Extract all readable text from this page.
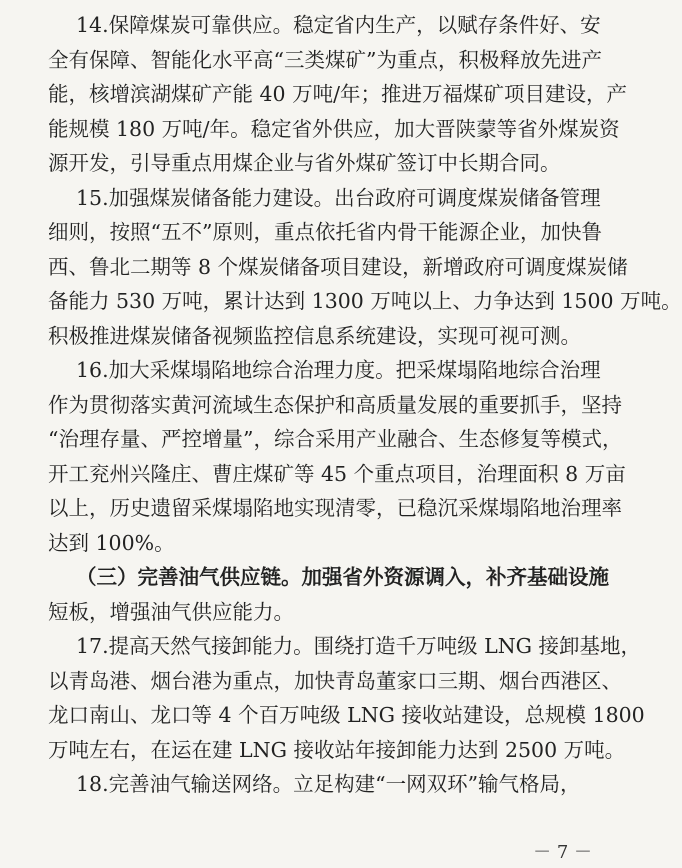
14.保障煤炭可靠供应。稳定省内生产，以赋存条件好、安
全有保障、智能化水平高“三类煤矿”为重点，积极释放先进产
能，核增滨湖煤矿产能 40 万吨/年；推进万福煤矿项目建设，产
能规模 180 万吨/年。稳定省外供应，加大晋陕蒙等省外煤炭资
源开发，引导重点用煤企业与省外煤矿签订中长期合同。
15.加强煤炭储备能力建设。出台政府可调度煤炭储备管理
细则，按照“五不”原则，重点依托省内骨干能源企业，加快鲁
西、鲁北二期等 8 个煤炭储备项目建设，新增政府可调度煤炭储
备能力 530 万吨，累计达到 1300 万吨以上、力争达到 1500 万吨。
积极推进煤炭储备视频监控信息系统建设，实现可视可测。
16.加大采煤塌陷地综合治理力度。把采煤塌陷地综合治理
作为贯彻落实黄河流域生态保护和高质量发展的重要抓手，坚持
“治理存量、严控增量”，综合采用产业融合、生态修复等模式，
开工兖州兴隆庄、曹庄煤矿等 45 个重点项目，治理面积 8 万亩
以上，历史遗留采煤塌陷地实现清零，已稳沉采煤塌陷地治理率
达到 100%。
（三）完善油气供应链。加强省外资源调入，补齐基础设施
短板，增强油气供应能力。
17.提高天然气接卸能力。围绕打造千万吨级 LNG 接卸基地，
以青岛港、烟台港为重点，加快青岛董家口三期、烟台西港区、
龙口南山、龙口等 4 个百万吨级 LNG 接收站建设，总规模 1800
万吨左右，在运在建 LNG 接收站年接卸能力达到 2500 万吨。
18.完善油气输送网络。立足构建“一网双环”输气格局，
－ 7 －
